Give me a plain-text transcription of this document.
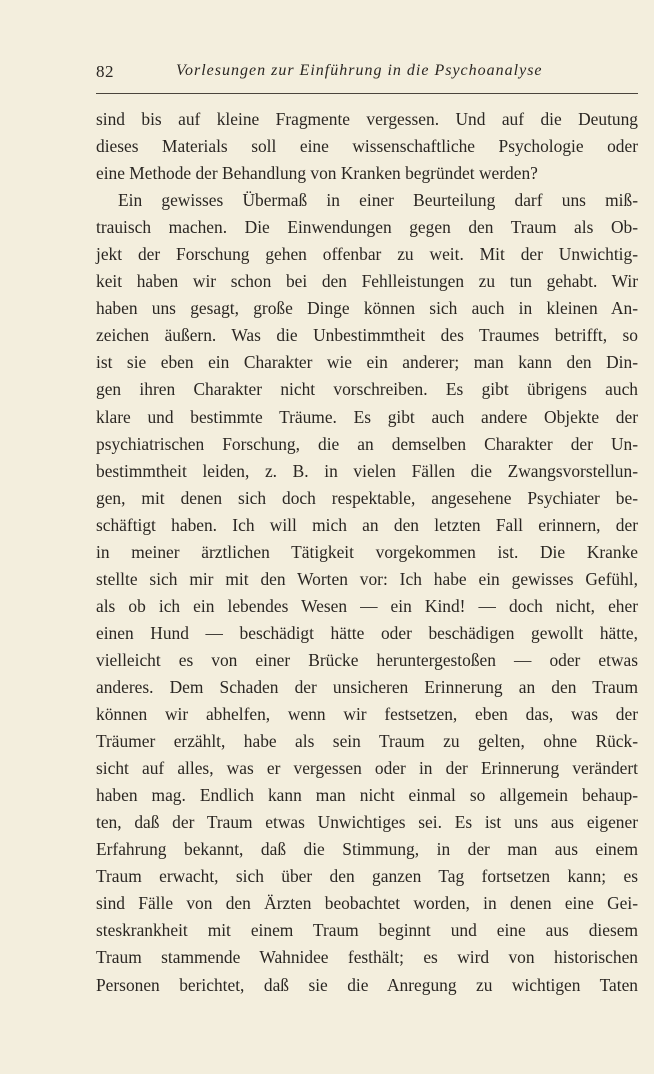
82	Vorlesungen zur Einführung in die Psychoanalyse
sind bis auf kleine Fragmente vergessen. Und auf die Deutung
dieses Materials soll eine wissenschaftliche Psychologie oder
eine Methode der Behandlung von Kranken begründet werden?
Ein gewisses Übermaß in einer Beurteilung darf uns miß-
trauisch machen. Die Einwendungen gegen den Traum als Ob-
jekt der Forschung gehen offenbar zu weit. Mit der Unwichtig-
keit haben wir schon bei den Fehlleistungen zu tun gehabt. Wir
haben uns gesagt, große Dinge können sich auch in kleinen An-
zeichen äußern. Was die Unbestimmtheit des Traumes betrifft, so
ist sie eben ein Charakter wie ein anderer; man kann den Din-
gen ihren Charakter nicht vorschreiben. Es gibt übrigens auch
klare und bestimmte Träume. Es gibt auch andere Objekte der
psychiatrischen Forschung, die an demselben Charakter der Un-
bestimmtheit leiden, z. B. in vielen Fällen die Zwangsvorstellun-
gen, mit denen sich doch respektable, angesehene Psychiater be-
schäftigt haben. Ich will mich an den letzten Fall erinnern, der
in meiner ärztlichen Tätigkeit vorgekommen ist. Die Kranke
stellte sich mir mit den Worten vor: Ich habe ein gewisses Gefühl,
als ob ich ein lebendes Wesen — ein Kind! — doch nicht, eher
einen Hund — beschädigt hätte oder beschädigen gewollt hätte,
vielleicht es von einer Brücke heruntergestoßen — oder etwas
anderes. Dem Schaden der unsicheren Erinnerung an den Traum
können wir abhelfen, wenn wir festsetzen, eben das, was der
Träumer erzählt, habe als sein Traum zu gelten, ohne Rück-
sicht auf alles, was er vergessen oder in der Erinnerung verändert
haben mag. Endlich kann man nicht einmal so allgemein behaup-
ten, daß der Traum etwas Unwichtiges sei. Es ist uns aus eigener
Erfahrung bekannt, daß die Stimmung, in der man aus einem
Traum erwacht, sich über den ganzen Tag fortsetzen kann; es
sind Fälle von den Ärzten beobachtet worden, in denen eine Gei-
steskrankheit mit einem Traum beginnt und eine aus diesem
Traum stammende Wahnidee festhält; es wird von historischen
Personen berichtet, daß sie die Anregung zu wichtigen Taten
